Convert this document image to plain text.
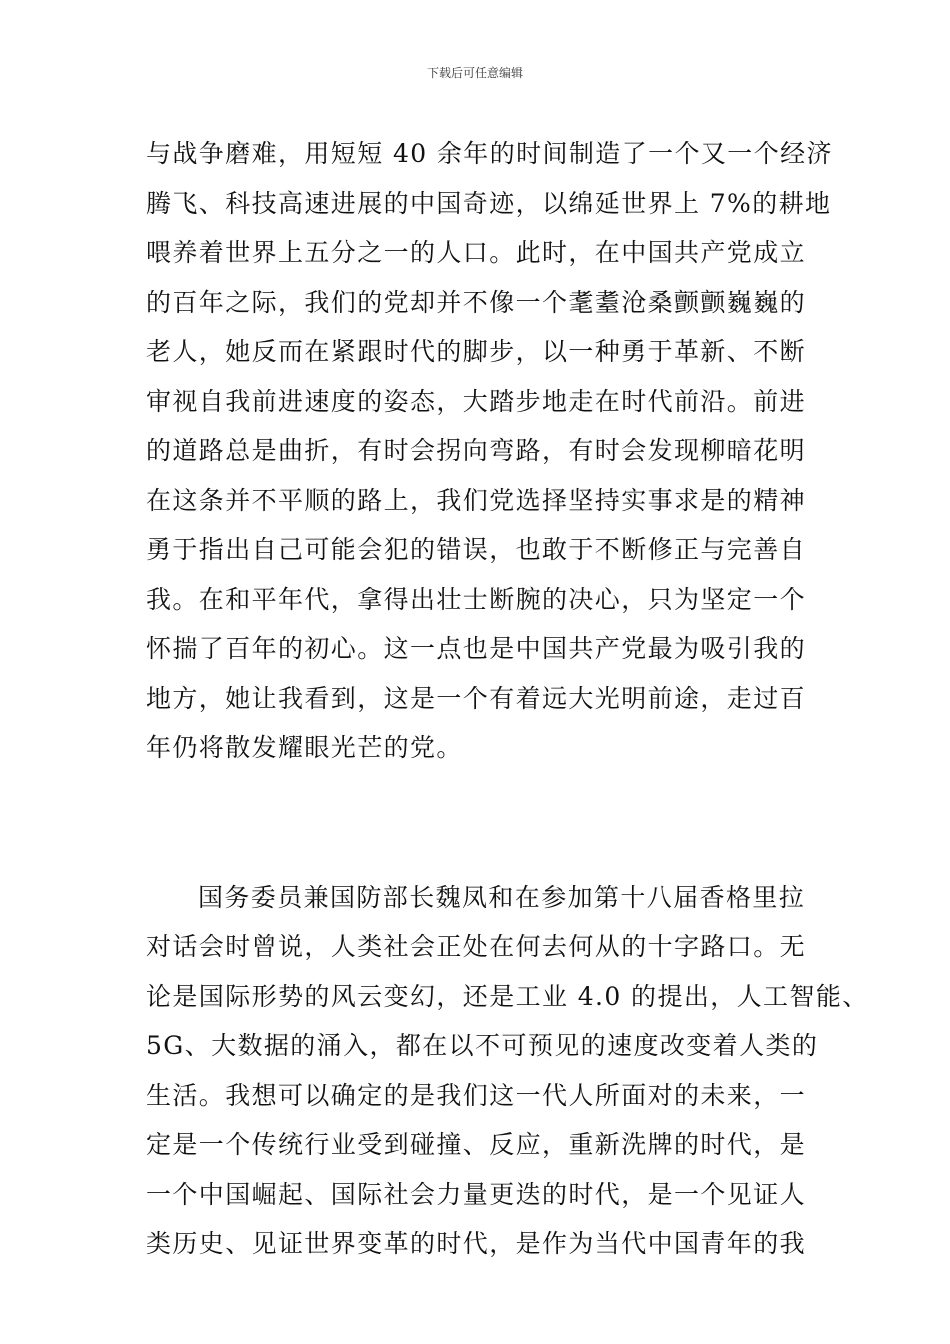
下载后可任意编辑
与战争磨难，用短短 40 余年的时间制造了一个又一个经济
腾飞、科技高速进展的中国奇迹，以绵延世界上 7%的耕地
喂养着世界上五分之一的人口。此时，在中国共产党成立
的百年之际，我们的党却并不像一个耄耋沧桑颤颤巍巍的
老人，她反而在紧跟时代的脚步，以一种勇于革新、不断
审视自我前进速度的姿态，大踏步地走在时代前沿。前进
的道路总是曲折，有时会拐向弯路，有时会发现柳暗花明
在这条并不平顺的路上，我们党选择坚持实事求是的精神
勇于指出自己可能会犯的错误，也敢于不断修正与完善自
我。在和平年代，拿得出壮士断腕的决心，只为坚定一个
怀揣了百年的初心。这一点也是中国共产党最为吸引我的
地方，她让我看到，这是一个有着远大光明前途，走过百
年仍将散发耀眼光芒的党。
国务委员兼国防部长魏凤和在参加第十八届香格里拉
对话会时曾说，人类社会正处在何去何从的十字路口。无
论是国际形势的风云变幻，还是工业 4.0 的提出，人工智能、
5G、大数据的涌入，都在以不可预见的速度改变着人类的
生活。我想可以确定的是我们这一代人所面对的未来，一
定是一个传统行业受到碰撞、反应，重新洗牌的时代，是
一个中国崛起、国际社会力量更迭的时代，是一个见证人
类历史、见证世界变革的时代，是作为当代中国青年的我
